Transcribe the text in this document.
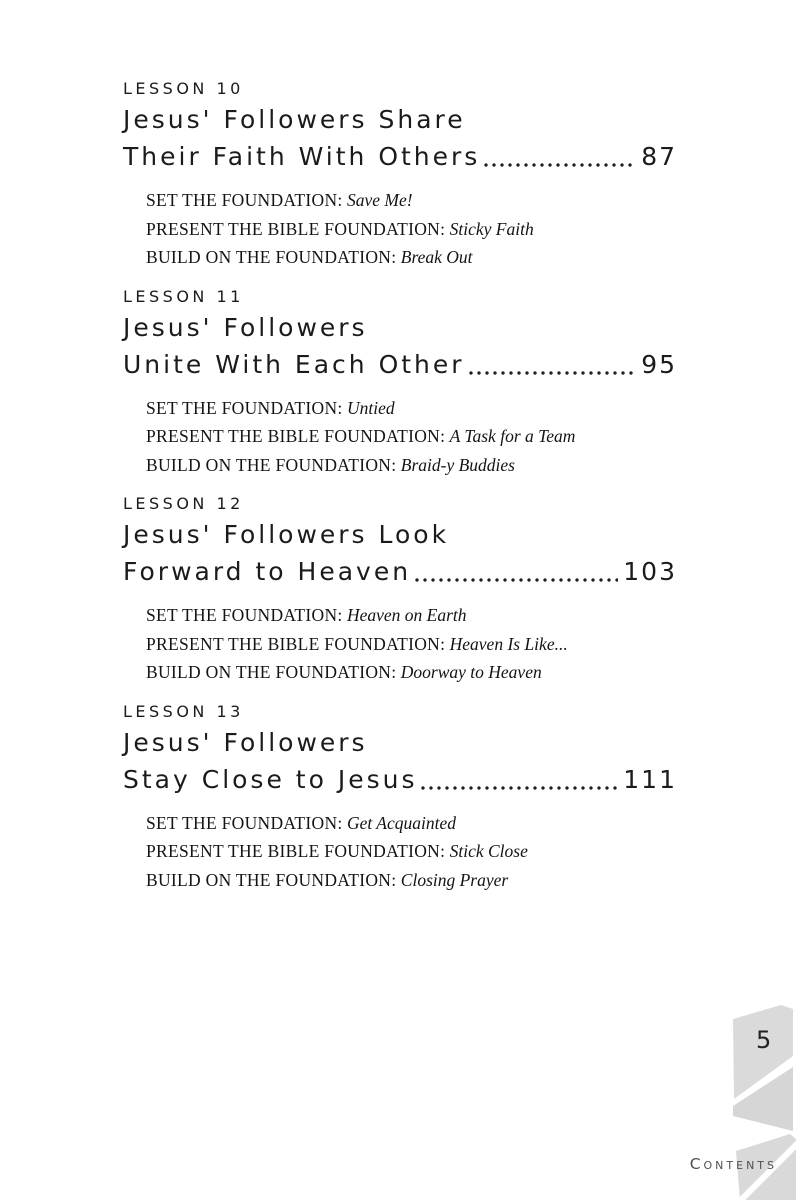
LESSON 10
Jesus' Followers Share
Their Faith With Others	87
SET THE FOUNDATION: Save Me!
PRESENT THE BIBLE FOUNDATION: Sticky Faith
BUILD ON THE FOUNDATION: Break Out
LESSON 11
Jesus' Followers
Unite With Each Other	95
SET THE FOUNDATION: Untied
PRESENT THE BIBLE FOUNDATION: A Task for a Team
BUILD ON THE FOUNDATION: Braid-y Buddies
LESSON 12
Jesus' Followers Look
Forward to Heaven	103
SET THE FOUNDATION: Heaven on Earth
PRESENT THE BIBLE FOUNDATION: Heaven Is Like...
BUILD ON THE FOUNDATION: Doorway to Heaven
LESSON 13
Jesus' Followers
Stay Close to Jesus	111
SET THE FOUNDATION: Get Acquainted
PRESENT THE BIBLE FOUNDATION: Stick Close
BUILD ON THE FOUNDATION: Closing Prayer
5
Contents
